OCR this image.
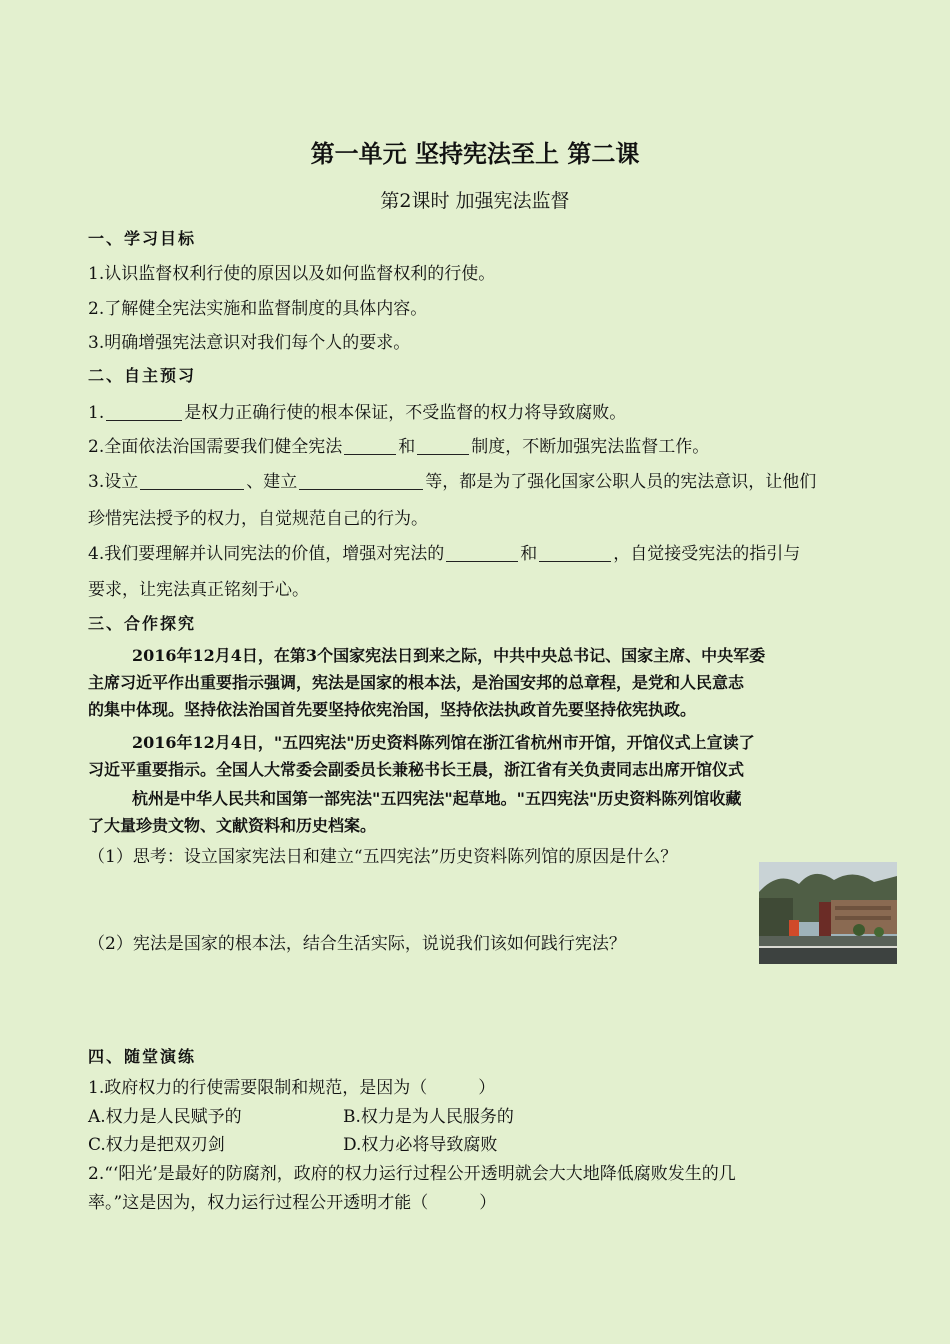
第一单元 坚持宪法至上 第二课
第2课时 加强宪法监督
一、学习目标
1.认识监督权利行使的原因以及如何监督权利的行使。
2.了解健全宪法实施和监督制度的具体内容。
3.明确增强宪法意识对我们每个人的要求。
二、自主预习
1.	是权力正确行使的根本保证，不受监督的权力将导致腐败。
2.全面依法治国需要我们健全宪法	和	制度，不断加强宪法监督工作。
3.设立	、建立	等，都是为了强化国家公职人员的宪法意识，让他们
珍惜宪法授予的权力，自觉规范自己的行为。
4.我们要理解并认同宪法的价值，增强对宪法的	和	，自觉接受宪法的指引与
要求，让宪法真正铭刻于心。
三、合作探究
2016年12月4日，在第3个国家宪法日到来之际，中共中央总书记、国家主席、中央军委
主席习近平作出重要指示强调，宪法是国家的根本法，是治国安邦的总章程，是党和人民意志
的集中体现。坚持依法治国首先要坚持依宪治国，坚持依法执政首先要坚持依宪执政。
2016年12月4日，"五四宪法"历史资料陈列馆在浙江省杭州市开馆，开馆仪式上宣读了
习近平重要指示。全国人大常委会副委员长兼秘书长王晨，浙江省有关负责同志出席开馆仪式
杭州是中华人民共和国第一部宪法"五四宪法"起草地。"五四宪法"历史资料陈列馆收藏
了大量珍贵文物、文献资料和历史档案。
（1）思考：设立国家宪法日和建立“五四宪法”历史资料陈列馆的原因是什么？
（2）宪法是国家的根本法，结合生活实际，说说我们该如何践行宪法？
四、随堂演练
1.政府权力的行使需要限制和规范，是因为（　　　）
A.权力是人民赋予的	B.权力是为人民服务的
C.权力是把双刃剑	D.权力必将导致腐败
2.“‘阳光’是最好的防腐剂，政府的权力运行过程公开透明就会大大地降低腐败发生的几
率。”这是因为，权力运行过程公开透明才能（　　　）
